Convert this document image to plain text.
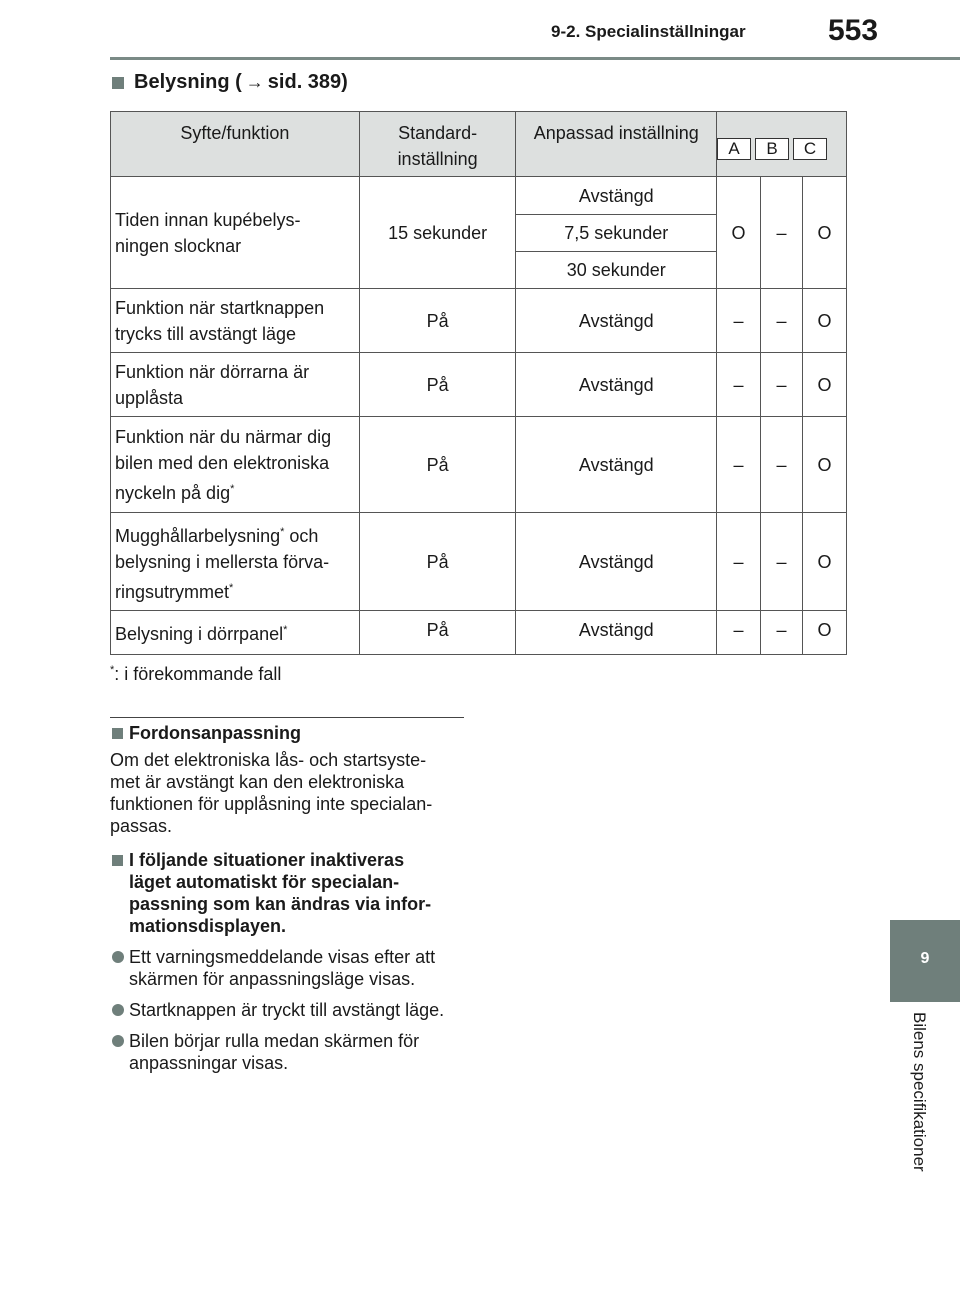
9-2. Specialinställningar	553
9
Bilens specifikationer
Belysning ( → sid. 389)
Syfte/funktion	Standard-
inställning	Anpassad inställning	A B C		

Tiden innan kupébelys-
ningen slocknar	15 sekunder	Avstängd	O	–	O
		7,5 sekunder			
		30 sekunder			
Funktion när startknappen
trycks till avstängt läge	På	Avstängd	–	–	O
Funktion när dörrarna är
upplåsta	På	Avstängd	–	–	O
Funktion när du närmar dig
bilen med den elektroniska
nyckeln på dig*	På	Avstängd	–	–	O
Mugghållarbelysning* och
belysning i mellersta förva-
ringsutrymmet*	På	Avstängd	–	–	O
Belysning i dörrpanel*	På	Avstängd	–	–	O
*: i förekommande fall
Fordonsanpassning
Om det elektroniska lås- och startsyste-
met är avstängt kan den elektroniska
funktionen för upplåsning inte specialan-
passas.
I följande situationer inaktiveras
läget automatiskt för specialan-
passning som kan ändras via infor-
mationsdisplayen.
Ett varningsmeddelande visas efter att
skärmen för anpassningsläge visas.
Startknappen är tryckt till avstängt läge.
Bilen börjar rulla medan skärmen för
anpassningar visas.
